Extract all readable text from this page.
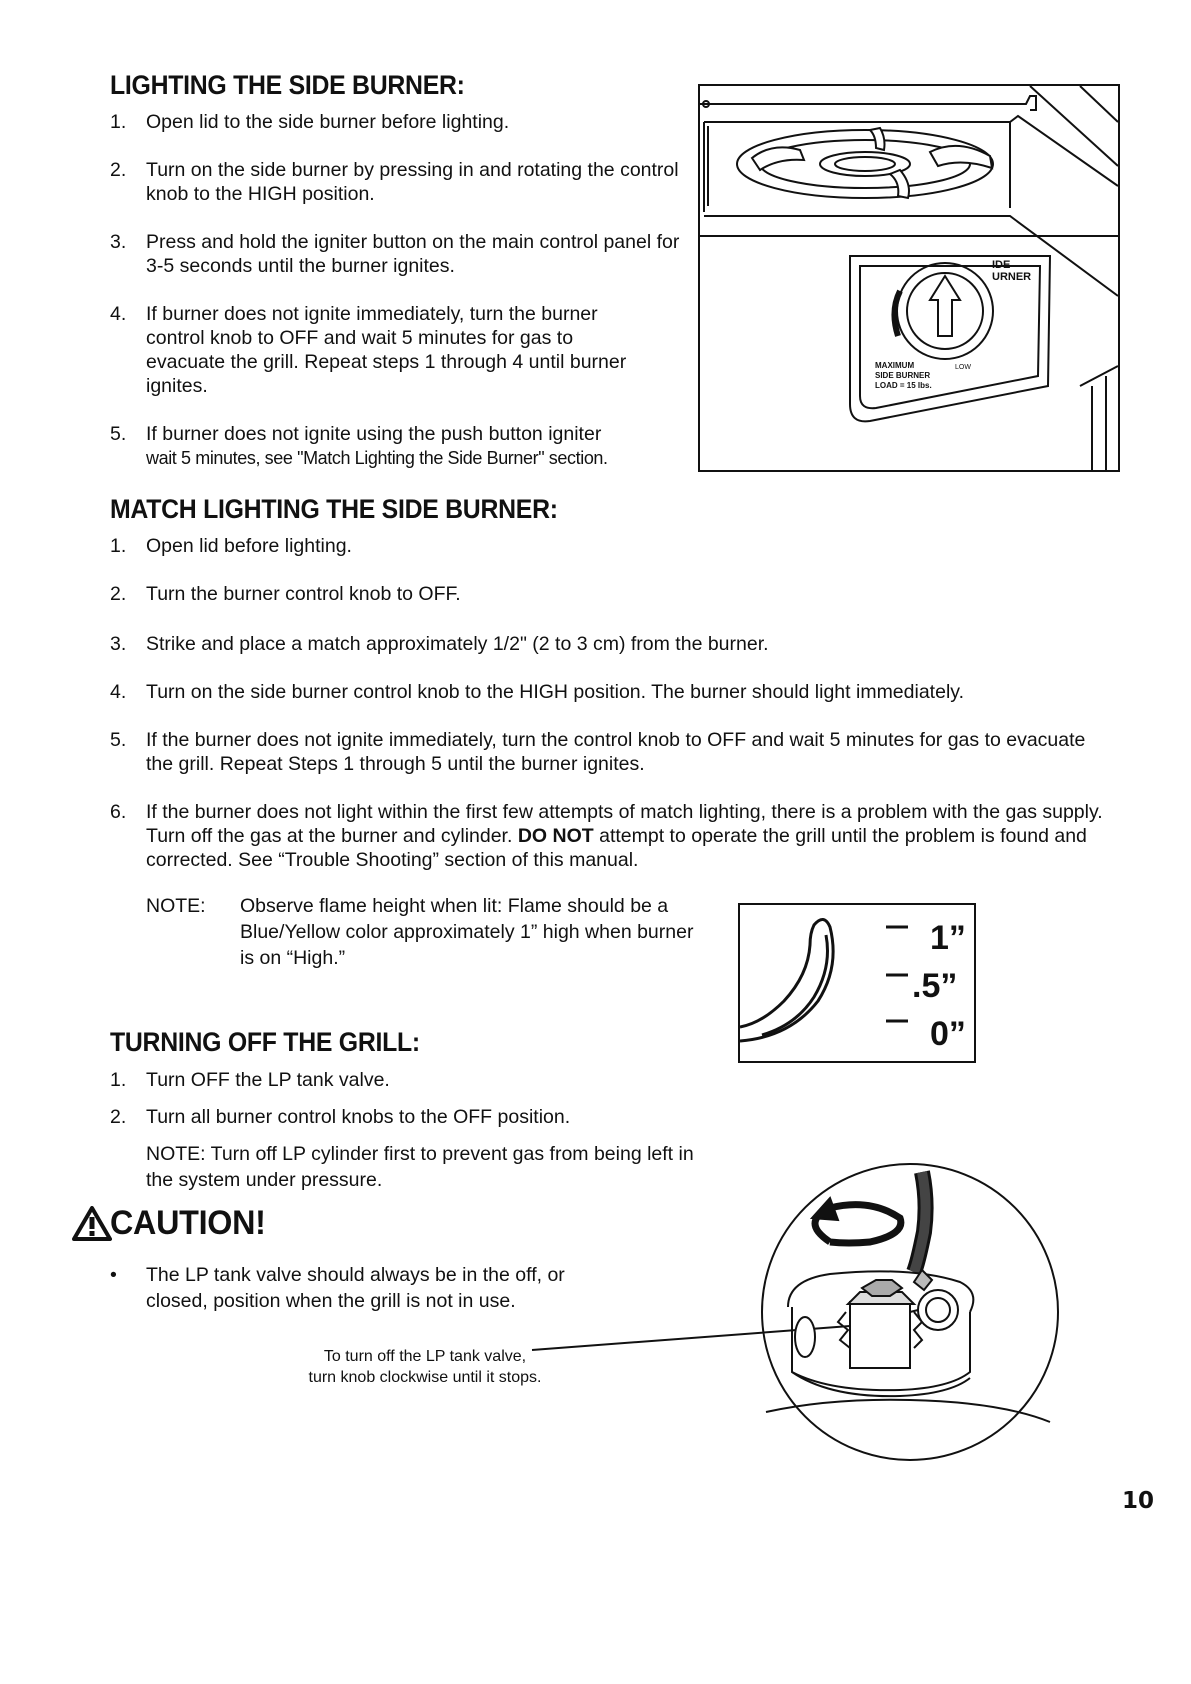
LIGHTING THE SIDE BURNER:
1. Open lid to the side burner before lighting.
2. Turn on the side burner by pressing in and rotating the control knob to the HIGH position.
3. Press and hold the igniter button on the main control panel for 3-5 seconds until the burner ignites.
4. If burner does not ignite immediately, turn the burner control knob to OFF and wait 5 minutes for gas to evacuate the grill. Repeat steps 1 through 4 until burner ignites.
5. If burner does not ignite using the push button igniter
wait 5 minutes, see "Match Lighting the Side Burner" section.
IDE
URNER
MAXIMUM
SIDE BURNER
LOAD = 15 lbs.
LOW
MATCH LIGHTING THE SIDE BURNER:
1. Open lid before lighting.
2. Turn the burner control knob to OFF.
3. Strike and place a match approximately 1/2" (2 to 3 cm) from the burner.
4. Turn on the side burner control knob to the HIGH position. The burner should light immediately.
5. If the burner does not ignite immediately, turn the control knob to OFF and wait 5 minutes for gas to evacuate the grill. Repeat Steps 1 through 5 until the burner ignites.
6. If the burner does not light within the first few attempts of match lighting, there is a problem with the gas supply. Turn off the gas at the burner and cylinder. DO NOT attempt to operate the grill until the problem is found and corrected. See “Trouble Shooting” section of this manual.
NOTE: Observe flame height when lit: Flame should be a Blue/Yellow color approximately 1” high when burner is on “High.”
1”
.5”
0”
TURNING OFF THE GRILL:
1. Turn OFF the LP tank valve.
2. Turn all burner control knobs to the OFF position.
NOTE: Turn off LP cylinder first to prevent gas from being left in the system under pressure.
CAUTION!
• The LP tank valve should always be in the off, or closed, position when the grill is not in use.
To turn off the LP tank valve,
turn knob clockwise until it stops.
10
